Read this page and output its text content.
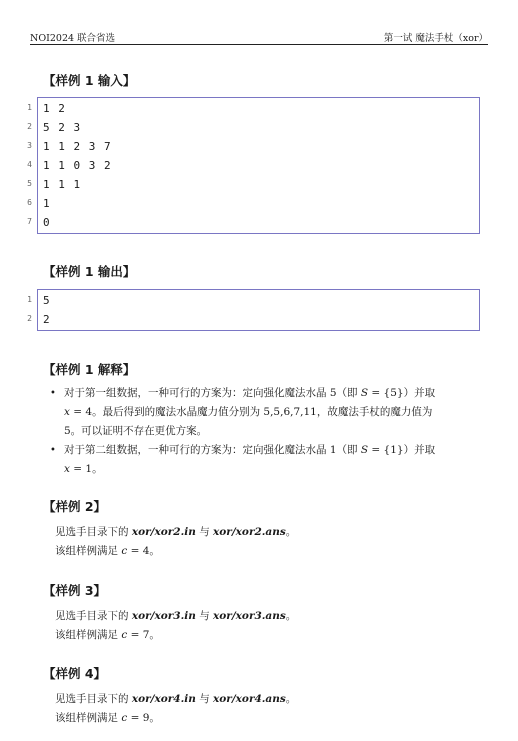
NOI2024 联合省选	第一试 魔法手杖（xor）
【样例 1 输入】
1
2
3
4
5
6
7
1 2
5 2 3
1 1 2 3 7
1 1 0 3 2
1 1 1
1
0
【样例 1 输出】
1
2
5
2
【样例 1 解释】
• 对于第一组数据，一种可行的方案为：定向强化魔法水晶 5（即 S = {5}）并取
x = 4。最后得到的魔法水晶魔力值分别为 5,5,6,7,11，故魔法手杖的魔力值为
5。可以证明不存在更优方案。
• 对于第二组数据，一种可行的方案为：定向强化魔法水晶 1（即 S = {1}）并取
x = 1。
【样例 2】
见选手目录下的 xor/xor2.in 与 xor/xor2.ans。
该组样例满足 c = 4。
【样例 3】
见选手目录下的 xor/xor3.in 与 xor/xor3.ans。
该组样例满足 c = 7。
【样例 4】
见选手目录下的 xor/xor4.in 与 xor/xor4.ans。
该组样例满足 c = 9。
